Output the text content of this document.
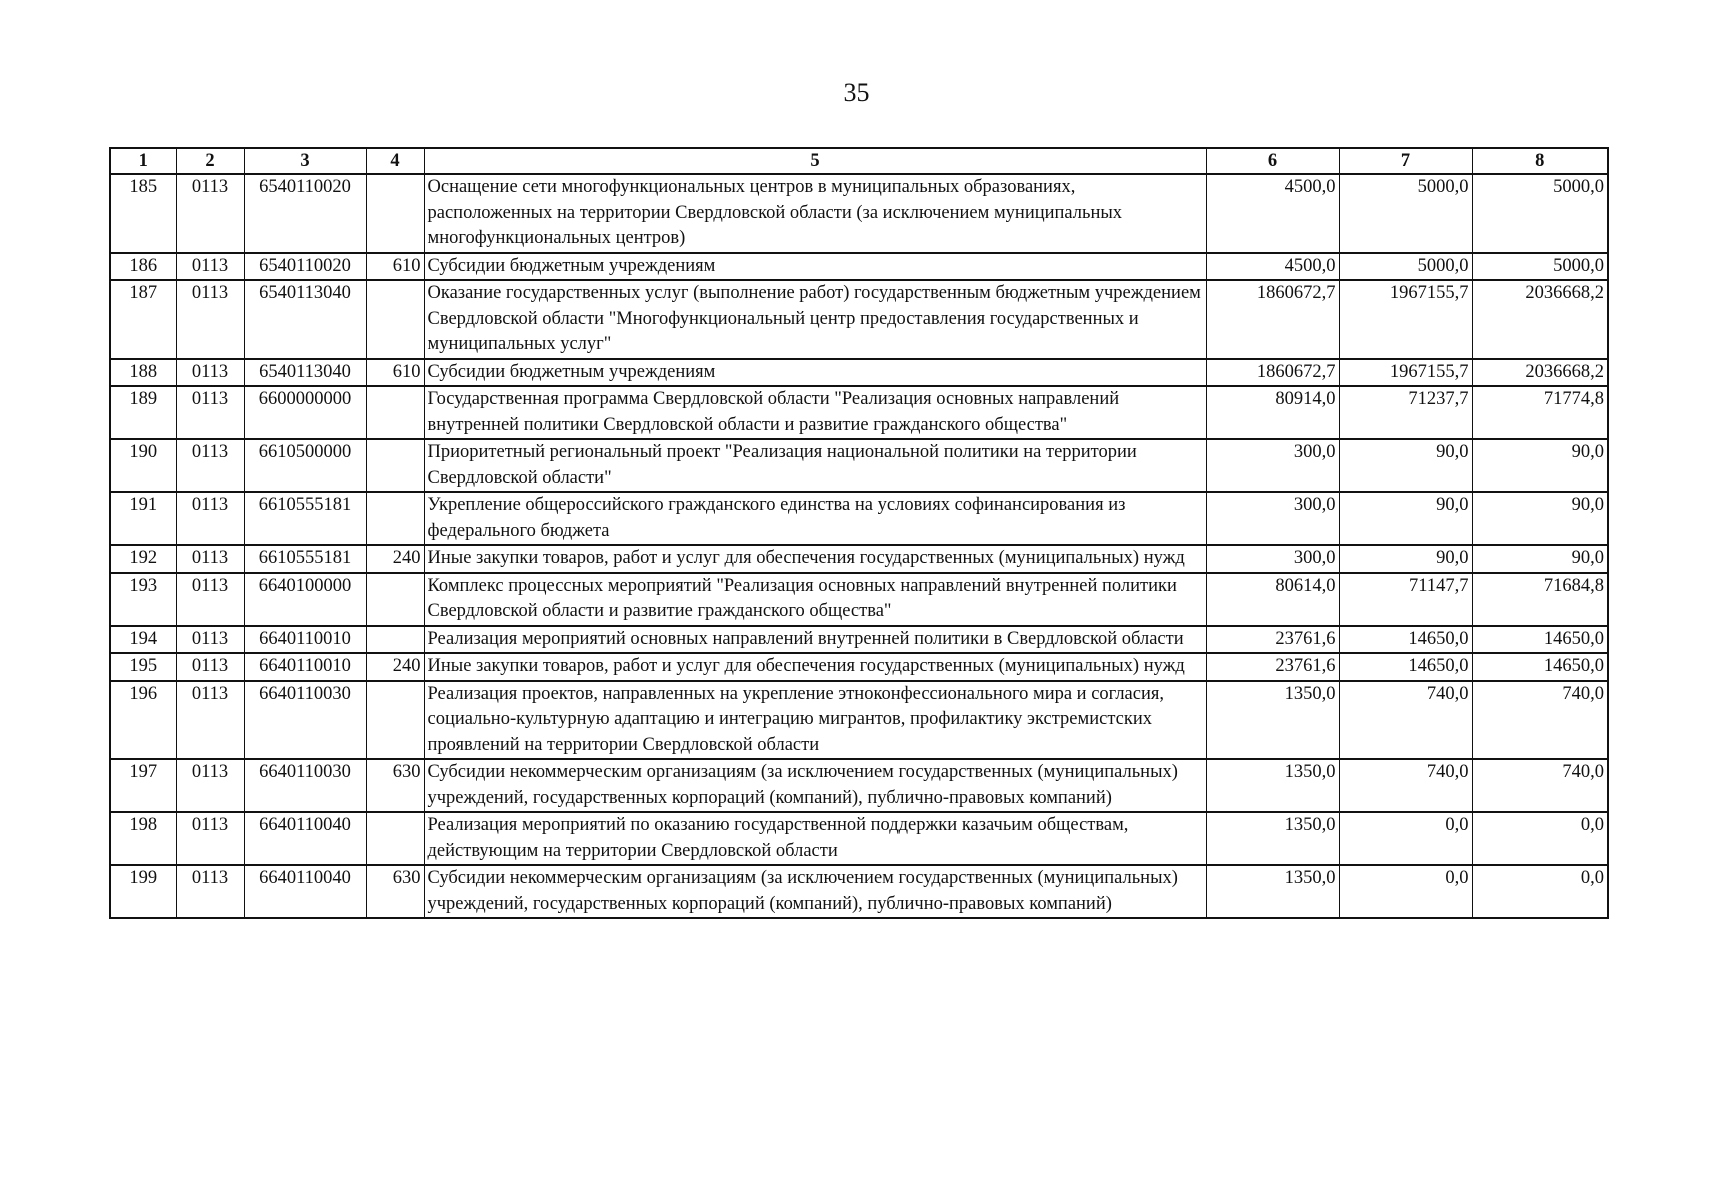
35
1	2	3	4	5	6	7	8
185	0113	6540110020		Оснащение сети многофункциональных центров в муниципальных образованиях, расположенных на территории Свердловской области (за исключением муниципальных многофункциональных центров)	4500,0	5000,0	5000,0
186	0113	6540110020	610	Субсидии бюджетным учреждениям	4500,0	5000,0	5000,0
187	0113	6540113040		Оказание государственных услуг (выполнение работ) государственным бюджетным учреждением Свердловской области "Многофункциональный центр предоставления государственных и муниципальных услуг"	1860672,7	1967155,7	2036668,2
188	0113	6540113040	610	Субсидии бюджетным учреждениям	1860672,7	1967155,7	2036668,2
189	0113	6600000000		Государственная программа Свердловской области "Реализация основных направлений внутренней политики Свердловской области и развитие гражданского общества"	80914,0	71237,7	71774,8
190	0113	6610500000		Приоритетный региональный проект "Реализация национальной политики на территории Свердловской области"	300,0	90,0	90,0
191	0113	6610555181		Укрепление общероссийского гражданского единства на условиях софинансирования из федерального бюджета	300,0	90,0	90,0
192	0113	6610555181	240	Иные закупки товаров, работ и услуг для обеспечения государственных (муниципальных) нужд	300,0	90,0	90,0
193	0113	6640100000		Комплекс процессных мероприятий "Реализация основных направлений внутренней политики Свердловской области и развитие гражданского общества"	80614,0	71147,7	71684,8
194	0113	6640110010		Реализация мероприятий основных направлений внутренней политики в Свердловской области	23761,6	14650,0	14650,0
195	0113	6640110010	240	Иные закупки товаров, работ и услуг для обеспечения государственных (муниципальных) нужд	23761,6	14650,0	14650,0
196	0113	6640110030		Реализация проектов, направленных на укрепление этноконфессионального мира и согласия, социально-культурную адаптацию и интеграцию мигрантов, профилактику экстремистских проявлений на территории Свердловской области	1350,0	740,0	740,0
197	0113	6640110030	630	Субсидии некоммерческим организациям (за исключением государственных (муниципальных) учреждений, государственных корпораций (компаний), публично-правовых компаний)	1350,0	740,0	740,0
198	0113	6640110040		Реализация мероприятий по оказанию государственной поддержки казачьим обществам, действующим на территории Свердловской области	1350,0	0,0	0,0
199	0113	6640110040	630	Субсидии некоммерческим организациям (за исключением государственных (муниципальных) учреждений, государственных корпораций (компаний), публично-правовых компаний)	1350,0	0,0	0,0
